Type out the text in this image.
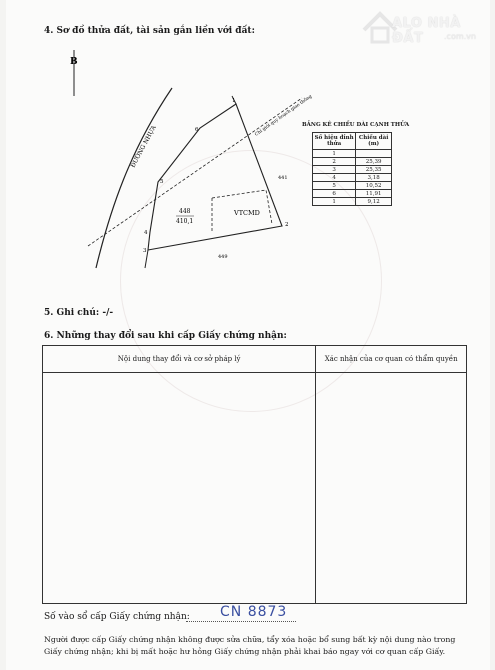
ALO NHÀ ĐẤT	.com.vn
4. Sơ đồ thửa đất, tài sản gắn liền với đất:
B
ĐƯỜNG NHỰA
Chỉ giới quy hoạch giao thông
VTCMD
448
410,1
441
449
1
2
3
4
5
6
BẢNG KÊ CHIỀU DÀI CẠNH THỬA
Số hiệu đỉnh thửa	Chiều dài (m)
1	
2	25,39
3	25,35
4	3,18
5	10,52
6	11,91
1	9,12
5. Ghi chú: -/-
6. Những thay đổi sau khi cấp Giấy chứng nhận:
Nội dung thay đổi và cơ sở pháp lý	Xác nhận của cơ quan có thẩm quyền

Số vào sổ cấp Giấy chứng nhận: CN 8873
Người được cấp Giấy chứng nhận không được sửa chữa, tẩy xóa hoặc bổ sung bất kỳ nội dung nào trong Giấy chứng nhận; khi bị mất hoặc hư hỏng Giấy chứng nhận phải khai báo ngay với cơ quan cấp Giấy.
